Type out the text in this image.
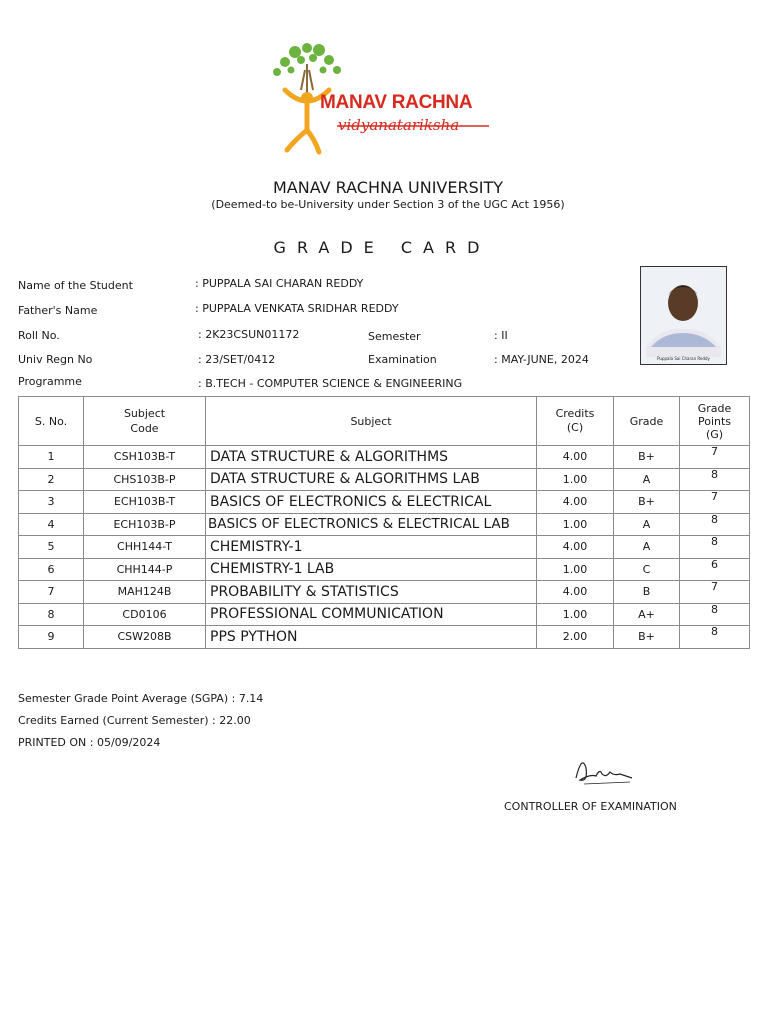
MANAV RACHNA
vidyanatariksha
MANAV RACHNA UNIVERSITY
(Deemed-to be-University under Section 3 of the UGC Act 1956)
GRADE CARD
Name of the Student	: PUPPALA SAI CHARAN REDDY
Father's Name	: PUPPALA VENKATA SRIDHAR REDDY
Roll No.	: 2K23CSUN01172	Semester	: II
Univ Regn No	: 23/SET/0412	Examination	: MAY-JUNE, 2024
Programme	: B.TECH - COMPUTER SCIENCE & ENGINEERING
Puppala Sai Charan Reddy
S. No.	Subject Code	Subject	Credits (C)	Grade	Grade Points (G)

1	CSH103B-T	DATA STRUCTURE & ALGORITHMS	4.00	B+	7
2	CHS103B-P	DATA STRUCTURE & ALGORITHMS LAB	1.00	A	8
3	ECH103B-T	BASICS OF ELECTRONICS & ELECTRICAL	4.00	B+	7
4	ECH103B-P	BASICS OF ELECTRONICS & ELECTRICAL LAB	1.00	A	8
5	CHH144-T	CHEMISTRY-1	4.00	A	8
6	CHH144-P	CHEMISTRY-1 LAB	1.00	C	6
7	MAH124B	PROBABILITY & STATISTICS	4.00	B	7
8	CD0106	PROFESSIONAL COMMUNICATION	1.00	A+	8
9	CSW208B	PPS PYTHON	2.00	B+	8
Semester Grade Point Average (SGPA) : 7.14
Credits Earned (Current Semester) : 22.00
PRINTED ON : 05/09/2024
CONTROLLER OF EXAMINATION
